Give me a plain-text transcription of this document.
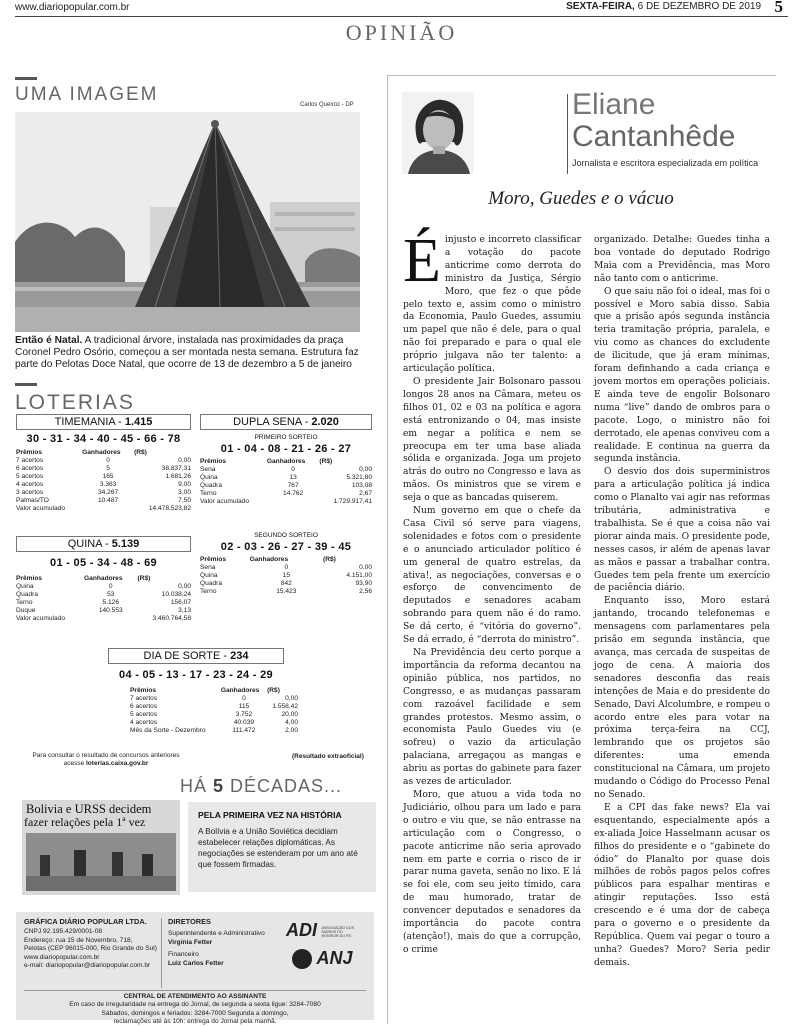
www.diariopopular.com.br	SEXTA-FEIRA, 6 DE DEZEMBRO DE 2019 5
OPINIÃO
UMA IMAGEM	Carlos Queiroz - DP
Então é Natal. A tradicional árvore, instalada nas proximidades da praça Coronel Pedro Osório, começou a ser montada nesta semana. Estrutura faz parte do Pelotas Doce Natal, que ocorre de 13 de dezembro a 5 de janeiro
LOTERIAS
TIMEMANIA - 1.415
30 - 31 - 34 - 40 - 45 - 66 - 78
Prêmios	Ganhadores	(R$)
7 acertos	0	0,00
6 acertos	5	38.837,31
5 acertos	165	1.681,26
4 acertos	3.363	9,00
3 acertos	34.267	3,00
Palmas/TO	10.487	7,50
Valor acumulado		14.478.523,82
DUPLA SENA - 2.020
PRIMEIRO SORTEIO
01 - 04 - 08 - 21 - 26 - 27
Prêmios	Ganhadores	(R$)
Sena	0	0,00
Quina	13	5.321,80
Quadra	767	103,08
Terno	14.762	2,67
Valor acumulado		1.729.917,41
SEGUNDO SORTEIO
02 - 03 - 26 - 27 - 39 - 45
Prêmios	Ganhadores	(R$)
Sena	0	0,00
Quina	15	4.151,00
Quadra	842	93,90
Terno	15.423	2,56
QUINA - 5.139
01 - 05 - 34 - 48 - 69
Prêmios	Ganhadores	(R$)
Quina	0	0,00
Quadra	53	10.038,24
Terno	5.126	156,07
Duque	140.553	3,13
Valor acumulado		3.460.764,58
DIA DE SORTE - 234
04 - 05 - 13 - 17 - 23 - 24 - 29
Prêmios	Ganhadores	(R$)
7 acertos	0	0,00
6 acertos	115	1.558,42
5 acertos	3.752	20,00
4 acertos	40.039	4,00
Mês da Sorte - Dezembro	111.472	2,00
Para consultar o resultado de concursos anteriores
acesse loterias.caixa.gov.br
(Resultado extraoficial)
HÁ 5 DÉCADAS...
Bolivia e URSS decidem
fazer relações pela 1ª vez	PELA PRIMEIRA VEZ NA HISTÓRIA
A Bolívia e a União Soviética decidiam estabelecer relações diplomáticas. As negociações se estenderam por um ano até que fossem firmadas.
GRÁFICA DIÁRIO POPULAR LTDA.
CNPJ 92.195.429/0001-08
Endereço: rua 15 de Novembro, 718,
Pelotas (CEP 96015-000, Rio Grande do Sul)
www.diariopopular.com.br
e-mail: diariopopular@diariopopular.com.br
DIRETORES
Superintendente e Administrativo
Virgínia Fetter
Financeiro
Luiz Carlos Fetter
ADI ASSOCIAÇÃO DOS DIÁRIOS DO INTERIOR DO RS
ANJ
CENTRAL DE ATENDIMENTO AO ASSINANTE
Em caso de irregularidade na entrega do Jornal, de segunda a sexta ligue: 3284-7080
Sábados, domingos e feriados: 3284-7000 Segunda a domingo,
reclamações até às 10h: entrega do Jornal pela manhã.
Eliane
Cantanhêde
Jornalista e escritora especializada em política
Moro, Guedes e o vácuo
É injusto e incorreto classificar a votação do pacote anticrime como derrota do ministro da Justiça, Sérgio Moro, que fez o que pôde pelo texto e, assim como o ministro da Economia, Paulo Guedes, assumiu um papel que não é dele, para o qual não foi preparado e para o qual ele próprio julgava não ter talento: a articulação política.

O presidente Jair Bolsonaro passou longos 28 anos na Câmara, meteu os filhos 01, 02 e 03 na política e agora está entronizando o 04, mas insiste em negar a política e nem se preocupa em ter uma base aliada sólida e organizada. Joga um projeto atrás do outro no Congresso e lava as mãos. Os ministros que se virem e seja o que as bancadas quiserem.

Num governo em que o chefe da Casa Civil só serve para viagens, solenidades e fotos com o presidente e o anunciado articulador político é um general de quatro estrelas, da ativa!, as negociações, conversas e o esforço de convencimento de deputados e senadores acabam sobrando para quem não é do ramo. Se dá certo, é “vitória do governo”. Se dá errado, é “derrota do ministro”.

Na Previdência deu certo porque a importância da reforma decantou na opinião pública, nos partidos, no Congresso, e as mudanças passaram com razoável facilidade e sem grandes protestos. Mesmo assim, o economista Paulo Guedes viu (e sofreu) o vazio da articulação palaciana, arregaçou as mangas e abriu as portas do gabinete para fazer as vezes de articulador.

Moro, que atuou a vida toda no Judiciário, olhou para um lado e para o outro e viu que, se não entrasse na articulação com o Congresso, o pacote anticrime não seria aprovado nem em parte e corria o risco de ir parar numa gaveta, senão no lixo. E lá se foi ele, com seu jeito tímido, cara de mau humorado, tratar de convencer deputados e senadores da importância do pacote contra (atenção!), mais do que a corrupção, o crime

organizado. Detalhe: Guedes tinha a boa vontade do deputado Rodrigo Maia com a Previdência, mas Moro não tanto com o anticrime.

O que saiu não foi o ideal, mas foi o possível e Moro sabia disso. Sabia que a prisão após segunda instância teria tramitação própria, paralela, e viu como as chances do excludente de ilicitude, que já eram mínimas, foram definhando a cada criança e jovem mortos em operações policiais. E ainda teve de engolir Bolsonaro numa “live” dando de ombros para o pacote. Logo, o ministro não foi derrotado, ele apenas conviveu com a realidade. E continua na guerra da segunda instância.

O desvio dos dois superministros para a articulação política já indica como o Planalto vai agir nas reformas tributária, administrativa e trabalhista. Se é que a coisa não vai piorar ainda mais. O presidente pode, nesses casos, ir além de apenas lavar as mãos e passar a trabalhar contra. Guedes tem pela frente um exercício de paciência diário.

Enquanto isso, Moro estará jantando, trocando telefonemas e mensagens com parlamentares pela prisão em segunda instância, que avança, mas cercada de suspeitas de jogo de cena. A maioria dos senadores desconfia das reais intenções de Maia e do presidente do Senado, Davi Alcolumbre, e rompeu o acordo entre eles para votar na próxima terça-feira na CCJ, lembrando que os projetos são diferentes: uma emenda constitucional na Câmara, um projeto mudando o Código do Processo Penal no Senado.

E a CPI das fake news? Ela vai esquentando, especialmente após a ex-aliada Joice Hasselmann acusar os filhos do presidente e o “gabinete do ódio” do Planalto por quase dois milhões de robôs pagos pelos cofres públicos para espalhar mentiras e atingir reputações. Isso está crescendo e é uma dor de cabeça para o governo e o presidente da República. Quem vai pegar o touro a unha? Guedes? Moro? Seria pedir demais.
